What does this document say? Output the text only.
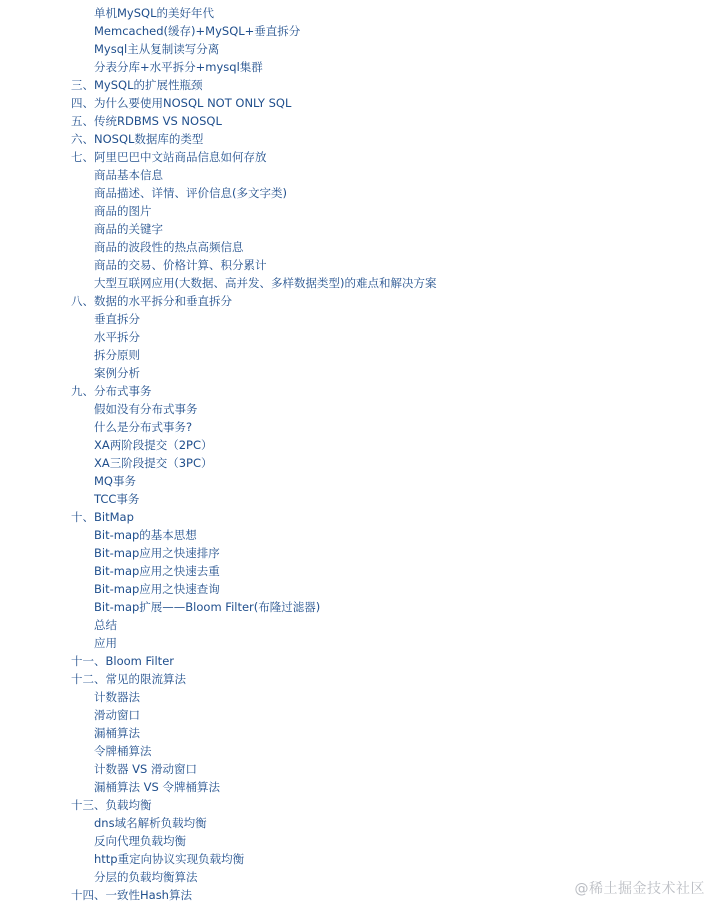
单机MySQL的美好年代
Memcached(缓存)+MySQL+垂直拆分
Mysql主从复制读写分离
分表分库+水平拆分+mysql集群
三、MySQL的扩展性瓶颈
四、为什么要使用NOSQL NOT ONLY SQL
五、传统RDBMS VS NOSQL
六、NOSQL数据库的类型
七、阿里巴巴中文站商品信息如何存放
商品基本信息
商品描述、详情、评价信息(多文字类)
商品的图片
商品的关键字
商品的波段性的热点高频信息
商品的交易、价格计算、积分累计
大型互联网应用(大数据、高并发、多样数据类型)的难点和解决方案
八、数据的水平拆分和垂直拆分
垂直拆分
水平拆分
拆分原则
案例分析
九、分布式事务
假如没有分布式事务
什么是分布式事务?
XA两阶段提交（2PC）
XA三阶段提交（3PC）
MQ事务
TCC事务
十、BitMap
Bit-map的基本思想
Bit-map应用之快速排序
Bit-map应用之快速去重
Bit-map应用之快速查询
Bit-map扩展——Bloom Filter(布隆过滤器)
总结
应用
十一、Bloom Filter
十二、常见的限流算法
计数器法
滑动窗口
漏桶算法
令牌桶算法
计数器 VS 滑动窗口
漏桶算法 VS 令牌桶算法
十三、负载均衡
dns域名解析负载均衡
反向代理负载均衡
http重定向协议实现负载均衡
分层的负载均衡算法
十四、一致性Hash算法	@稀土掘金技术社区
